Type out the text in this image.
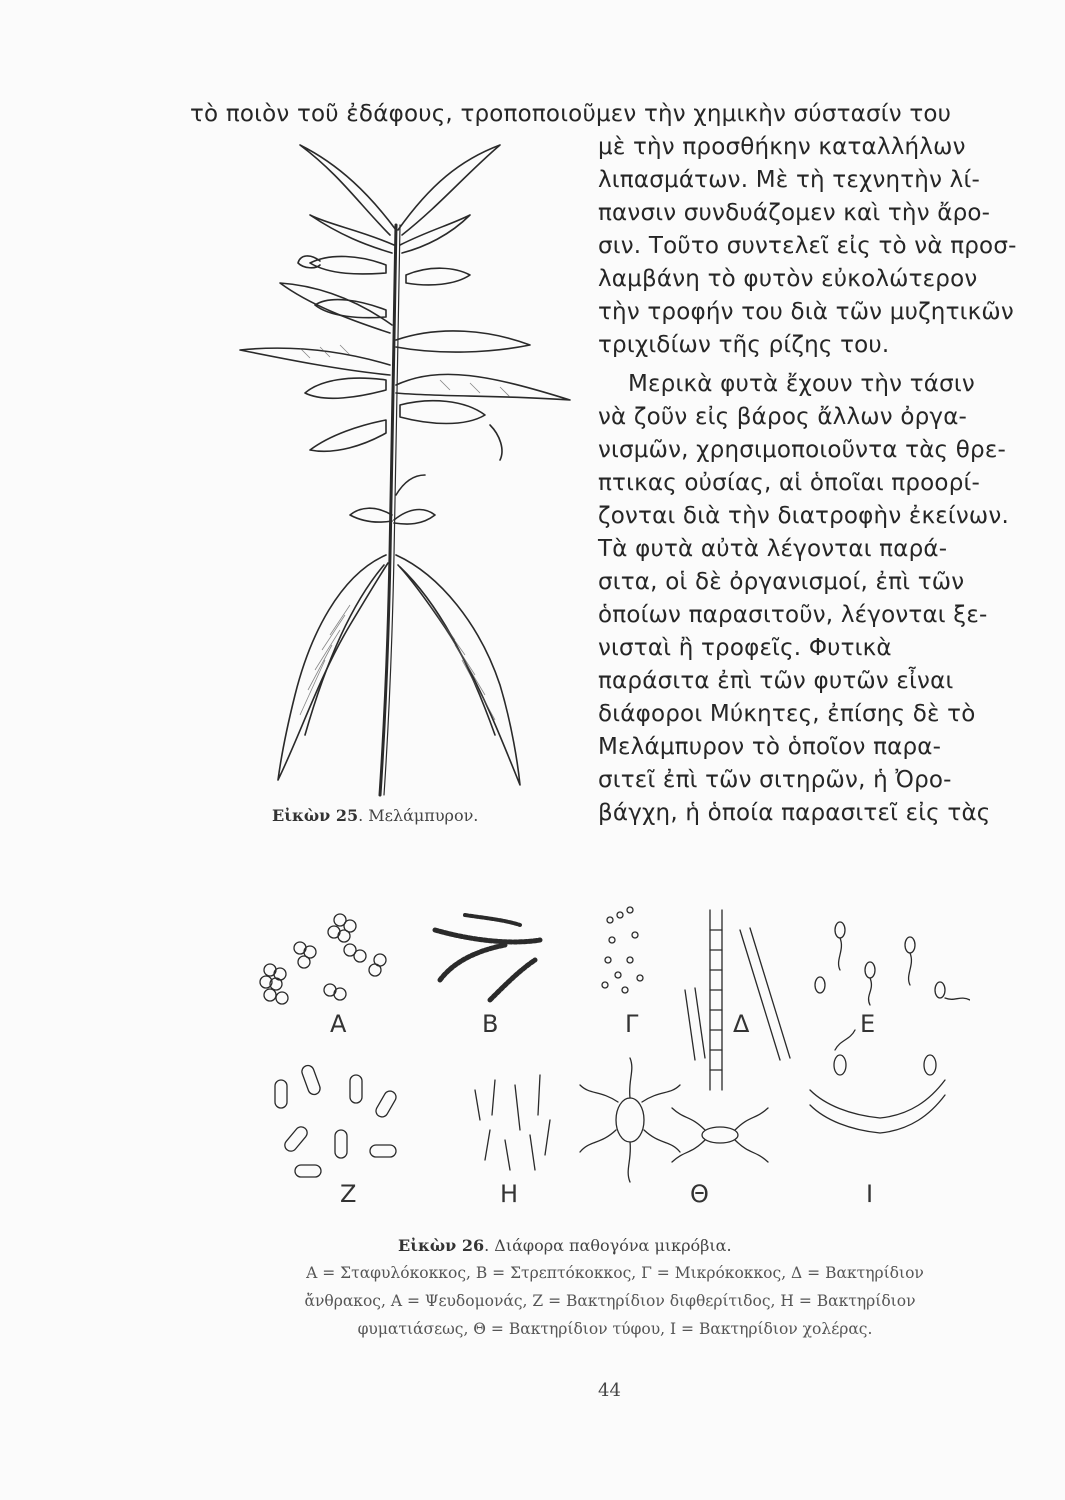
τὸ ποιὸν τοῦ ἐδάφους, τροποποιοῦμεν τὴν χημικὴν σύστασίν του
μὲ τὴν προσθήκην καταλλήλων
λιπασμάτων. Μὲ τὴ τεχνητὴν λί-
πανσιν συνδυάζομεν καὶ τὴν ἄρο-
σιν. Τοῦτο συντελεῖ εἰς τὸ νὰ προσ-
λαμβάνη τὸ φυτὸν εὐκολώτερον
τὴν τροφήν του διὰ τῶν μυζητικῶν
τριχιδίων τῆς ρίζης του.
Μερικὰ φυτὰ ἔχουν τὴν τάσιν
νὰ ζοῦν εἰς βάρος ἄλλων ὀργα-
νισμῶν, χρησιμοποιοῦντα τὰς θρε-
πτικας οὐσίας, αἱ ὁποῖαι προορί-
ζονται διὰ τὴν διατροφὴν ἐκείνων.
Τὰ φυτὰ αὐτὰ λέγονται παρά-
σιτα, οἱ δὲ ὀργανισμοί, ἐπὶ τῶν
ὁποίων παρασιτοῦν, λέγονται ξε-
νισταὶ ἢ τροφεῖς. Φυτικὰ
παράσιτα ἐπὶ τῶν φυτῶν εἶναι
διάφοροι Μύκητες, ἐπίσης δὲ τὸ
Μελάμπυρον τὸ ὁποῖον παρα-
σιτεῖ ἐπὶ τῶν σιτηρῶν, ἡ Ὀρο-
βάγχη, ἡ ὁποία παρασιτεῖ εἰς τὰς
Εἰκὼν 25. Μελάμπυρον.
Α	Β	Γ	Δ	Ε
Ζ	Η	Θ	Ι
Εἰκὼν 26. Διάφορα παθογόνα μικρόβια.
Α = Σταφυλόκοκκος, Β = Στρεπτόκοκκος, Γ = Μικρόκοκκος, Δ = Βακτηρίδιον
ἄνθρακος, Α = Ψευδομονάς, Ζ = Βακτηρίδιον διφθερίτιδος, Η = Βακτηρίδιον
φυματιάσεως, Θ = Βακτηρίδιον τύφου, Ι = Βακτηρίδιον χολέρας.
44
